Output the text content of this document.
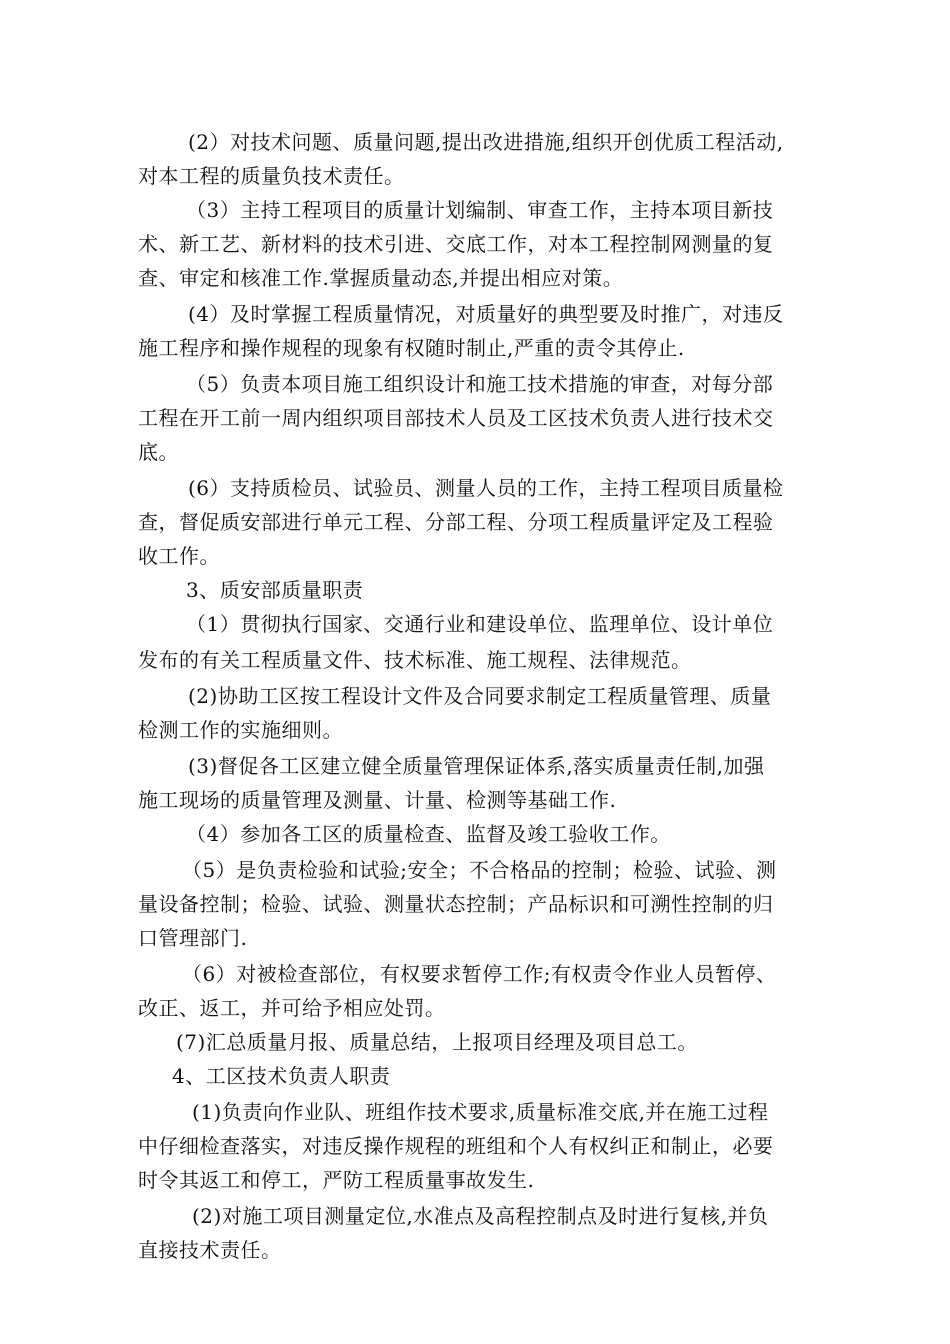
(2）对技术问题、质量问题,提出改进措施,组织开创优质工程活动,
对本工程的质量负技术责任。
（3）主持工程项目的质量计划编制、审查工作，主持本项目新技
术、新工艺、新材料的技术引进、交底工作，对本工程控制网测量的复
查、审定和核准工作.掌握质量动态,并提出相应对策。
(4）及时掌握工程质量情况，对质量好的典型要及时推广，对违反
施工程序和操作规程的现象有权随时制止,严重的责令其停止.
（5）负责本项目施工组织设计和施工技术措施的审查，对每分部
工程在开工前一周内组织项目部技术人员及工区技术负责人进行技术交
底。
(6）支持质检员、试验员、测量人员的工作，主持工程项目质量检
查，督促质安部进行单元工程、分部工程、分项工程质量评定及工程验
收工作。
3、质安部质量职责
（1）贯彻执行国家、交通行业和建设单位、监理单位、设计单位
发布的有关工程质量文件、技术标准、施工规程、法律规范。
(2)协助工区按工程设计文件及合同要求制定工程质量管理、质量
检测工作的实施细则。
(3)督促各工区建立健全质量管理保证体系,落实质量责任制,加强
施工现场的质量管理及测量、计量、检测等基础工作.
（4）参加各工区的质量检查、监督及竣工验收工作。
（5）是负责检验和试验;安全；不合格品的控制；检验、试验、测
量设备控制；检验、试验、测量状态控制；产品标识和可溯性控制的归
口管理部门.
（6）对被检查部位，有权要求暂停工作;有权责令作业人员暂停、
改正、返工，并可给予相应处罚。
(7)汇总质量月报、质量总结，上报项目经理及项目总工。
4、工区技术负责人职责
(1)负责向作业队、班组作技术要求,质量标准交底,并在施工过程
中仔细检查落实，对违反操作规程的班组和个人有权纠正和制止，必要
时令其返工和停工，严防工程质量事故发生.
(2)对施工项目测量定位,水准点及高程控制点及时进行复核,并负
直接技术责任。
